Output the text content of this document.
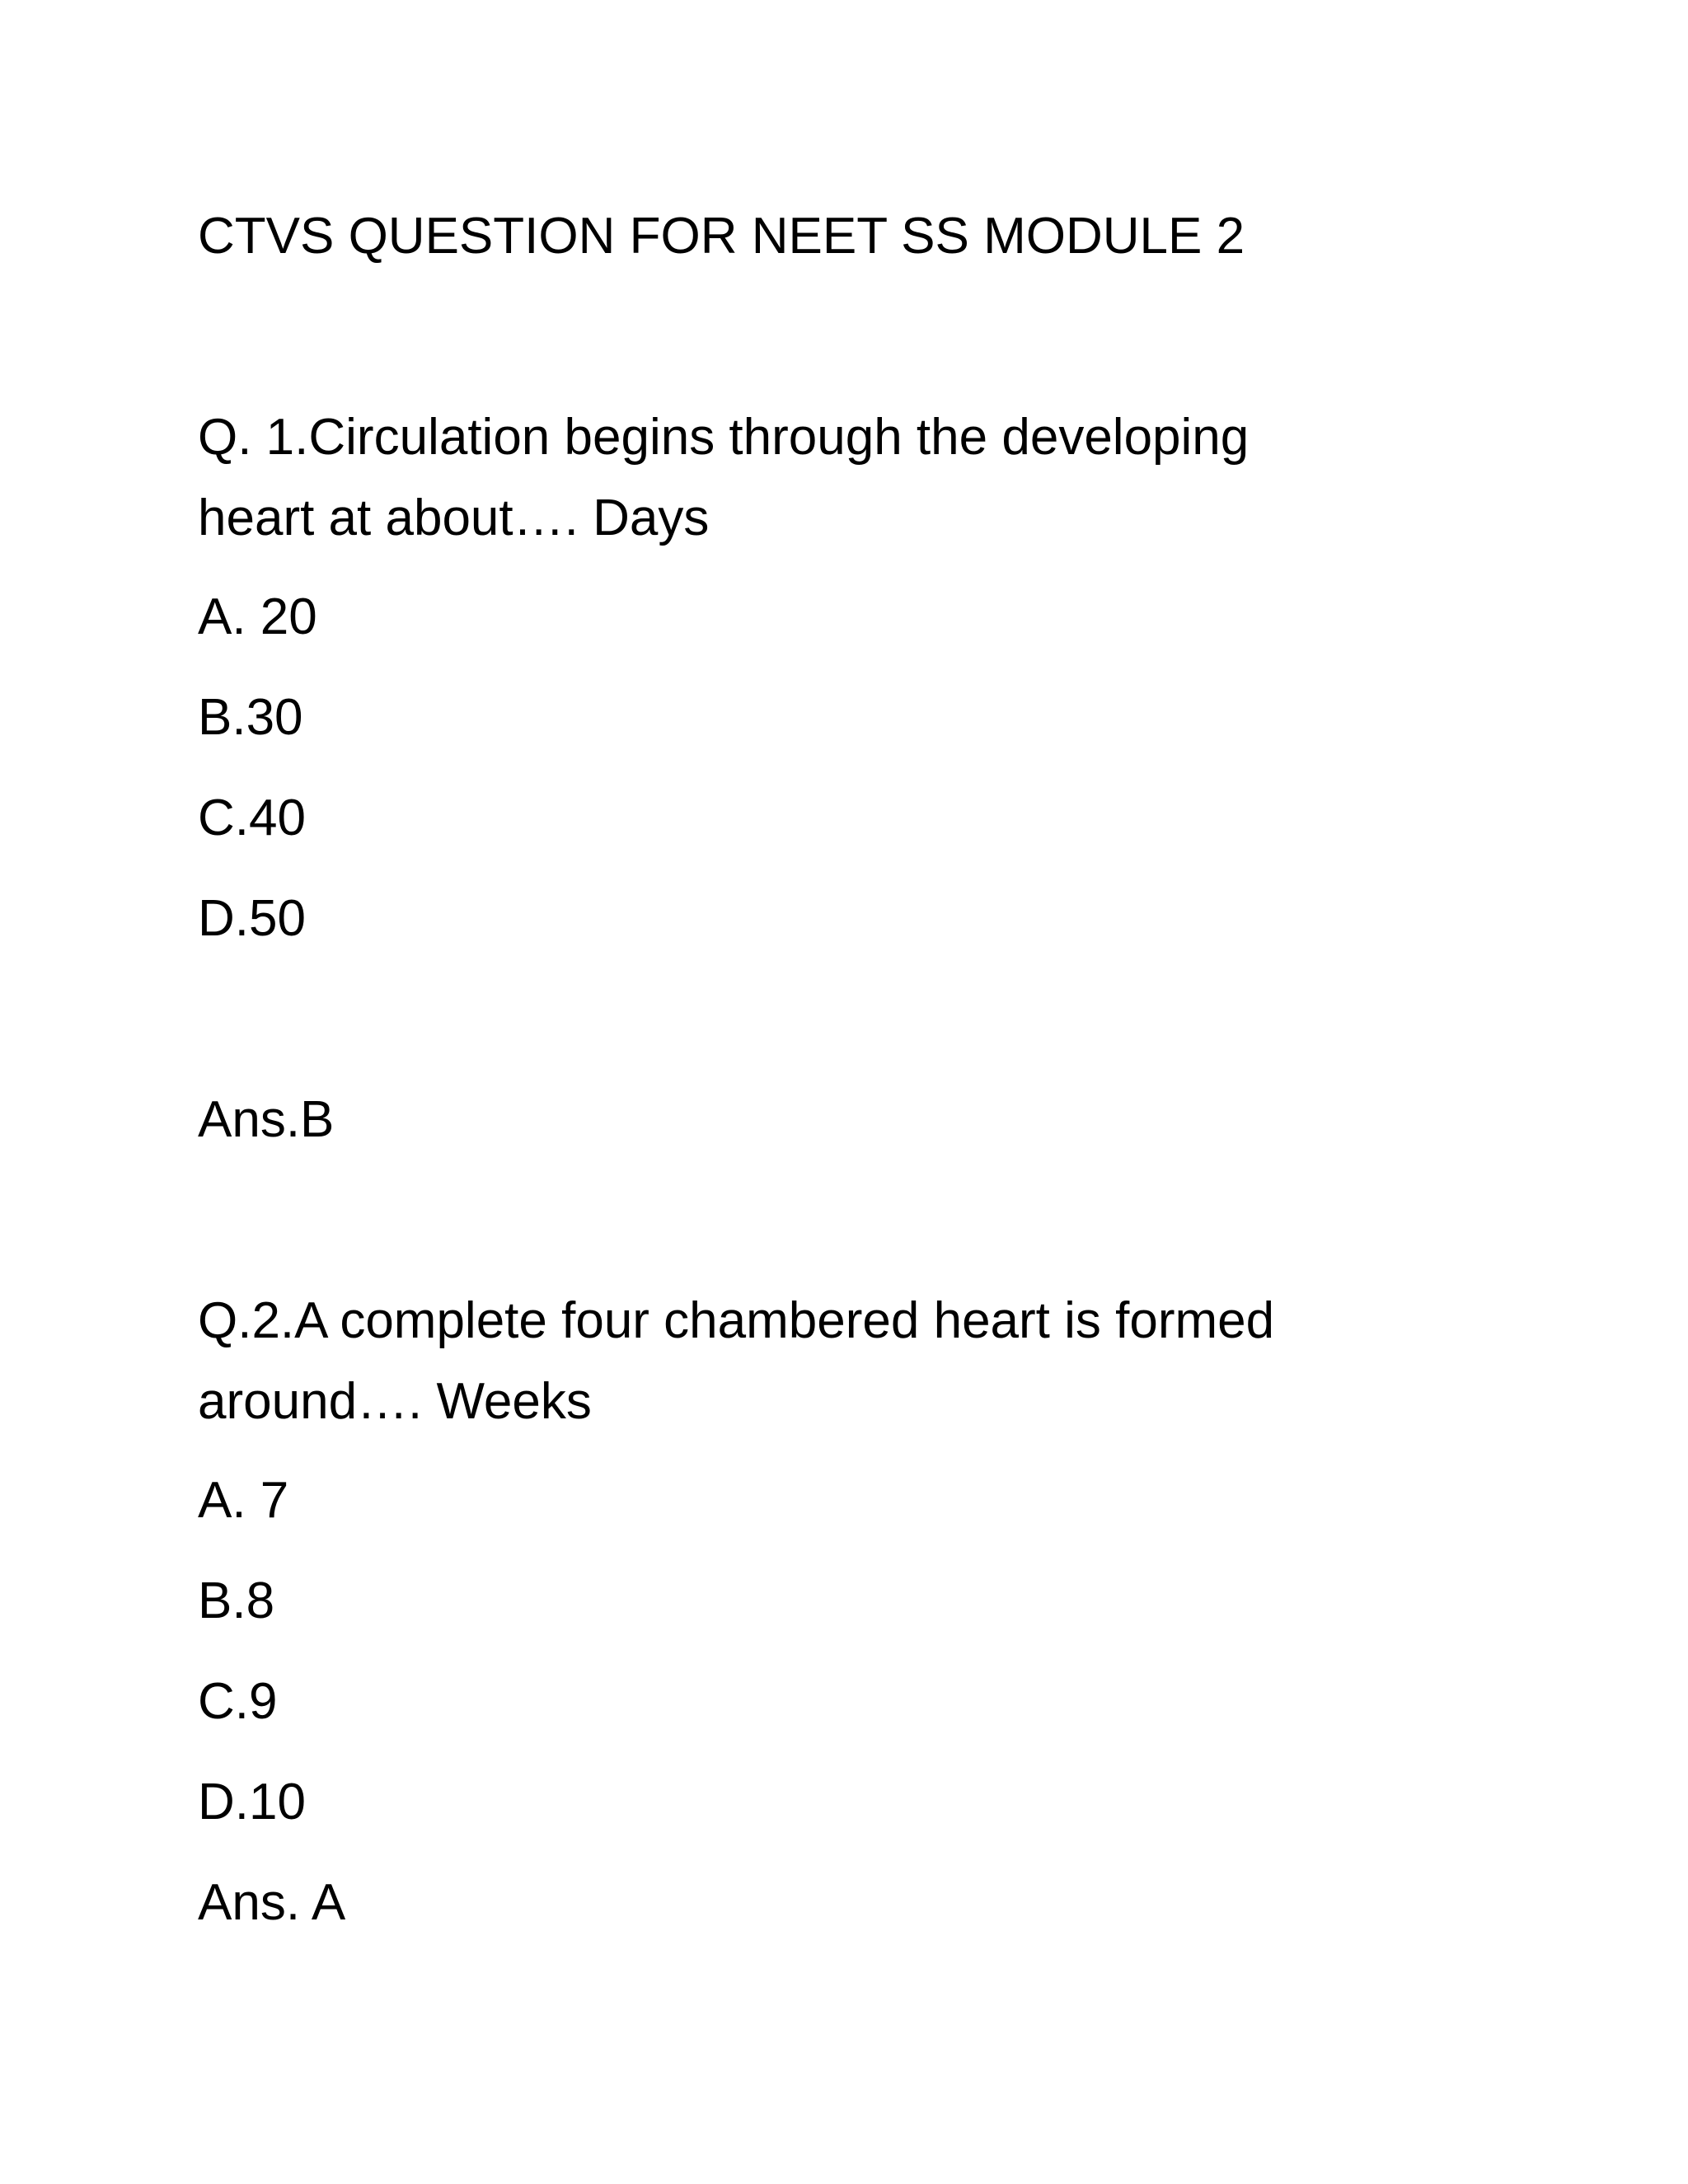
CTVS QUESTION FOR NEET SS MODULE 2
Q. 1.Circulation begins through the developing
heart at about…. Days
A. 20
B.30
C.40
D.50
Ans.B
Q.2.A complete four chambered heart is formed
around…. Weeks
A. 7
B.8
C.9
D.10
Ans. A
